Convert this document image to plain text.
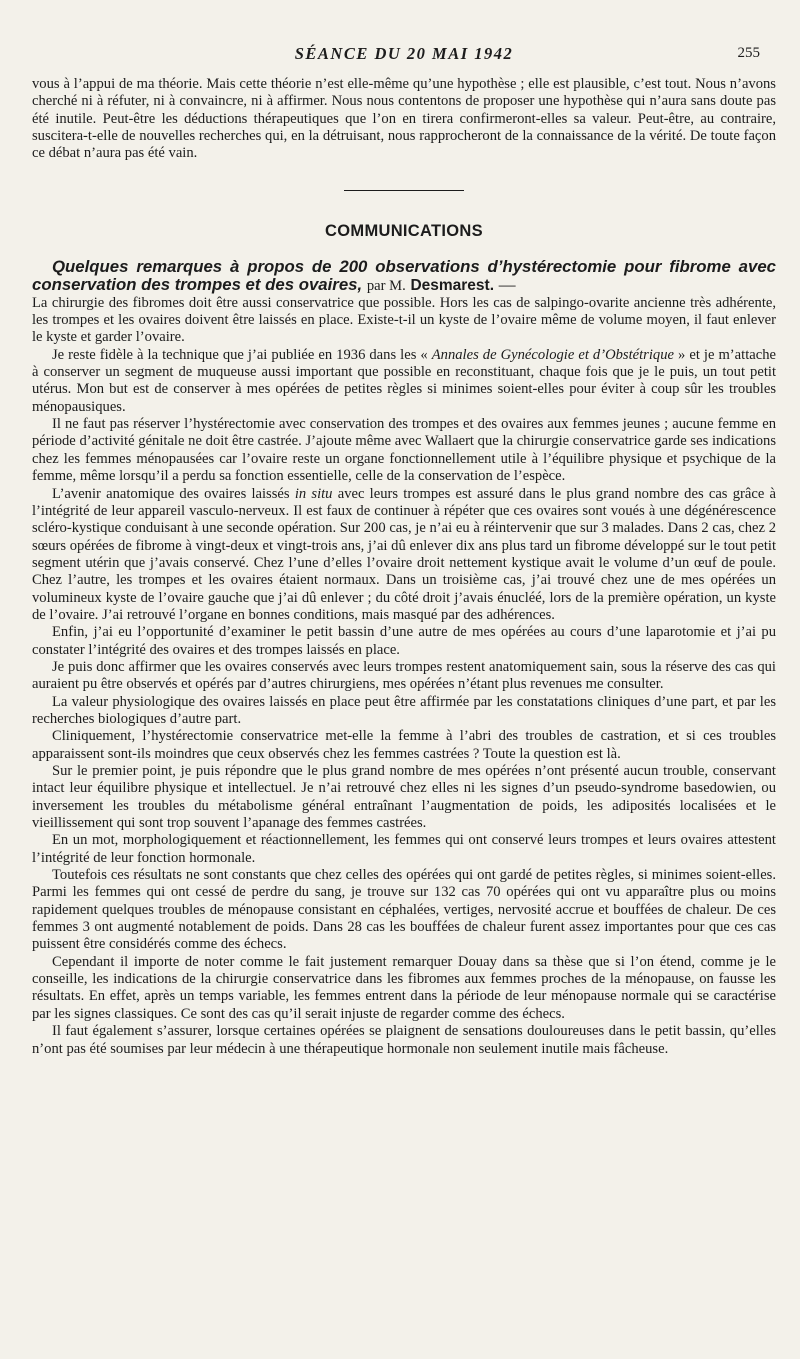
SÉANCE DU 20 MAI 1942	255

vous à l’appui de ma théorie. Mais cette théorie n’est elle-même qu’une hypothèse ; elle est plausible, c’est tout. Nous n’avons cherché ni à réfuter, ni à convaincre, ni à affirmer. Nous nous contentons de proposer une hypothèse qui n’aura sans doute pas été inutile. Peut-être les déductions thérapeutiques que l’on en tirera confirmeront-elles sa valeur. Peut-être, au contraire, suscitera-t-elle de nouvelles recherches qui, en la détruisant, nous rapprocheront de la connaissance de la vérité. De toute façon ce débat n’aura pas été vain.

COMMUNICATIONS
Quelques remarques à propos de 200 observations d’hystérectomie pour fibrome avec conservation des trompes et des ovaires, par M. Desmarest. —

La chirurgie des fibromes doit être aussi conservatrice que possible. Hors les cas de salpingo-ovarite ancienne très adhérente, les trompes et les ovaires doivent être laissés en place. Existe-t-il un kyste de l’ovaire même de volume moyen, il faut enlever le kyste et garder l’ovaire.

Je reste fidèle à la technique que j’ai publiée en 1936 dans les « Annales de Gynécologie et d’Obstétrique » et je m’attache à conserver un segment de muqueuse aussi important que possible en reconstituant, chaque fois que je le puis, un tout petit utérus. Mon but est de conserver à mes opérées de petites règles si minimes soient-elles pour éviter à coup sûr les troubles ménopausiques.

Il ne faut pas réserver l’hystérectomie avec conservation des trompes et des ovaires aux femmes jeunes ; aucune femme en période d’activité génitale ne doit être castrée. J’ajoute même avec Wallaert que la chirurgie conservatrice garde ses indications chez les femmes ménopausées car l’ovaire reste un organe fonctionnellement utile à l’équilibre physique et psychique de la femme, même lorsqu’il a perdu sa fonction essentielle, celle de la conservation de l’espèce.

L’avenir anatomique des ovaires laissés in situ avec leurs trompes est assuré dans le plus grand nombre des cas grâce à l’intégrité de leur appareil vasculo-nerveux. Il est faux de continuer à répéter que ces ovaires sont voués à une dégénérescence scléro-kystique conduisant à une seconde opération. Sur 200 cas, je n’ai eu à réintervenir que sur 3 malades. Dans 2 cas, chez 2 sœurs opérées de fibrome à vingt-deux et vingt-trois ans, j’ai dû enlever dix ans plus tard un fibrome développé sur le tout petit segment utérin que j’avais conservé. Chez l’une d’elles l’ovaire droit nettement kystique avait le volume d’un œuf de poule. Chez l’autre, les trompes et les ovaires étaient normaux. Dans un troisième cas, j’ai trouvé chez une de mes opérées un volumineux kyste de l’ovaire gauche que j’ai dû enlever ; du côté droit j’avais énucléé, lors de la première opération, un kyste de l’ovaire. J’ai retrouvé l’organe en bonnes conditions, mais masqué par des adhérences.

Enfin, j’ai eu l’opportunité d’examiner le petit bassin d’une autre de mes opérées au cours d’une laparotomie et j’ai pu constater l’intégrité des ovaires et des trompes laissés en place.

Je puis donc affirmer que les ovaires conservés avec leurs trompes restent anatomiquement sain, sous la réserve des cas qui auraient pu être observés et opérés par d’autres chirurgiens, mes opérées n’étant plus revenues me consulter.

La valeur physiologique des ovaires laissés en place peut être affirmée par les constatations cliniques d’une part, et par les recherches biologiques d’autre part.

Cliniquement, l’hystérectomie conservatrice met-elle la femme à l’abri des troubles de castration, et si ces troubles apparaissent sont-ils moindres que ceux observés chez les femmes castrées ? Toute la question est là.

Sur le premier point, je puis répondre que le plus grand nombre de mes opérées n’ont présenté aucun trouble, conservant intact leur équilibre physique et intellectuel. Je n’ai retrouvé chez elles ni les signes d’un pseudo-syndrome basedowien, ou inversement les troubles du métabolisme général entraînant l’augmentation de poids, les adiposités localisées et le vieillissement qui sont trop souvent l’apanage des femmes castrées.

En un mot, morphologiquement et réactionnellement, les femmes qui ont conservé leurs trompes et leurs ovaires attestent l’intégrité de leur fonction hormonale.

Toutefois ces résultats ne sont constants que chez celles des opérées qui ont gardé de petites règles, si minimes soient-elles. Parmi les femmes qui ont cessé de perdre du sang, je trouve sur 132 cas 70 opérées qui ont vu apparaître plus ou moins rapidement quelques troubles de ménopause consistant en céphalées, vertiges, nervosité accrue et bouffées de chaleur. De ces femmes 3 ont augmenté notablement de poids. Dans 28 cas les bouffées de chaleur furent assez importantes pour que ces cas puissent être considérés comme des échecs.

Cependant il importe de noter comme le fait justement remarquer Douay dans sa thèse que si l’on étend, comme je le conseille, les indications de la chirurgie conservatrice dans les fibromes aux femmes proches de la ménopause, on fausse les résultats. En effet, après un temps variable, les femmes entrent dans la période de leur ménopause normale qui se caractérise par les signes classiques. Ce sont des cas qu’il serait injuste de regarder comme des échecs.

Il faut également s’assurer, lorsque certaines opérées se plaignent de sensations douloureuses dans le petit bassin, qu’elles n’ont pas été soumises par leur médecin à une thérapeutique hormonale non seulement inutile mais fâcheuse.
